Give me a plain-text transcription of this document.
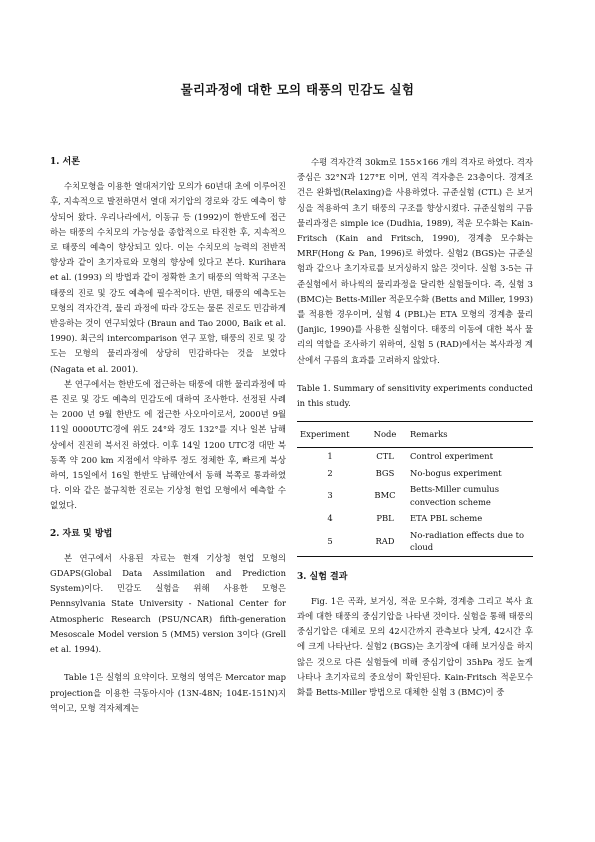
물리과정에 대한 모의 태풍의 민감도 실험
1. 서론

수치모형을 이용한 열대저기압 모의가 60년대 초에 이루어진 후, 지속적으로 발전하면서 열대 저기압의 경로와 강도 예측이 향상되어 왔다. 우리나라에서, 이동규 등 (1992)이 한반도에 접근하는 태풍의 수치모의 가능성을 종합적으로 타진한 후, 지속적으로 태풍의 예측이 향상되고 있다. 이는 수치모의 능력의 전반적 향상과 같이 초기자료와 모형의 향상에 있다고 본다. Kurihara et al. (1993) 의 방법과 같이 정확한 초기 태풍의 역학적 구조는 태풍의 진로 및 강도 예측에 필수적이다. 반면, 태풍의 예측도는 모형의 격자간격, 물리 과정에 따라 강도는 물론 진로도 민감하게 반응하는 것이 연구되었다 (Braun and Tao 2000, Baik et al. 1990). 최근의 intercomparison 연구 포함, 태풍의 진로 및 강도는 모형의 물리과정에 상당히 민감하다는 것을 보였다 (Nagata et al. 2001).

본 연구에서는 한반도에 접근하는 태풍에 대한 물리과정에 따른 진로 및 강도 예측의 민감도에 대하여 조사한다. 선정된 사례는 2000 년 9월 한반도 에 접근한 사오마이로서, 2000년 9월 11일 0000UTC경에 위도 24°와 경도 132°를 지나 일본 남해 상에서 진진히 북서진 하였다. 이후 14일 1200 UTC경 대만 북동쪽 약 200 km 지점에서 약하루 정도 정체한 후, 빠르게 북상하여, 15일에서 16일 한반도 남해안에서 동해 북쪽로 통과하였다. 이와 같은 불규칙한 진로는 기상청 현업 모형에서 예측할 수 없었다.

2. 자료 및 방법

본 연구에서 사용된 자료는 현재 기상청 현업 모형의 GDAPS(Global Data Assimilation and Prediction System)이다. 민감도 실험을 위해 사용한 모형은 Pennsylvania State University - National Center for Atmospheric Research (PSU/NCAR) fifth-generation Mesoscale Model version 5 (MM5) version 3이다 (Grell et al. 1994).

Table 1은 실험의 요약이다. 모형의 영역은 Mercator map projection을 이용한 극동아시아 (13N-48N; 104E-151N)지역이고, 모형 격자체계는

수평 격자간격 30km로 155×166 개의 격자로 하였다. 격자 중심은 32°N과 127°E 이며, 연직 격자층은 23층이다. 경계조건은 완화법(Relaxing)을 사용하였다. 규준실험 (CTL) 은 보거싱을 적용하여 초기 태풍의 구조를 향상시켰다. 규준실험의 구름 물리과정은 simple ice (Dudhia, 1989), 적운 모수화는 Kain-Fritsch (Kain and Fritsch, 1990), 경계층 모수화는 MRF(Hong & Pan, 1996)로 하였다. 실험2 (BGS)는 규준실험과 같으나 초기자료를 보거싱하지 않은 것이다. 실험 3-5는 규준실험에서 하나씩의 물리과정을 달리한 실험들이다. 즉, 실험 3 (BMC)는 Betts-Miller 적운모수화 (Betts and Miller, 1993)를 적용한 경우이며, 실험 4 (PBL)는 ETA 모형의 경계층 물리 (Janjic, 1990)를 사용한 실험이다. 태풍의 이동에 대한 복사 물리의 역할을 조사하기 위하여, 실험 5 (RAD)에서는 복사과정 계산에서 구름의 효과를 고려하지 않았다.

Table 1. Summary of sensitivity experiments conducted in this study.

Experiment	Node	Remarks
1	CTL	Control experiment
2	BGS	No-bogus experiment
3	BMC	Betts-Miller cumulus convection scheme
4	PBL	ETA PBL scheme
5	RAD	No-radiation effects due to cloud
3. 실험 결과

Fig. 1은 곡좌, 보거싱, 적운 모수화, 경계층 그리고 복사 효과에 대한 태풍의 중심기압을 나타낸 것이다. 실험을 통해 태풍의 중심기압은 대체로 모의 42시간까지 관측보다 낮게, 42시간 후에 크게 나타난다. 실험2 (BGS)는 초기장에 대해 보거싱을 하지 않은 것으로 다른 실험들에 비해 중심기압이 35hPa 정도 높게 나타나 초기자료의 중요성이 확인된다. Kain-Fritsch 적운모수화를 Betts-Miller 방법으로 대체한 실험 3 (BMC)이 중
